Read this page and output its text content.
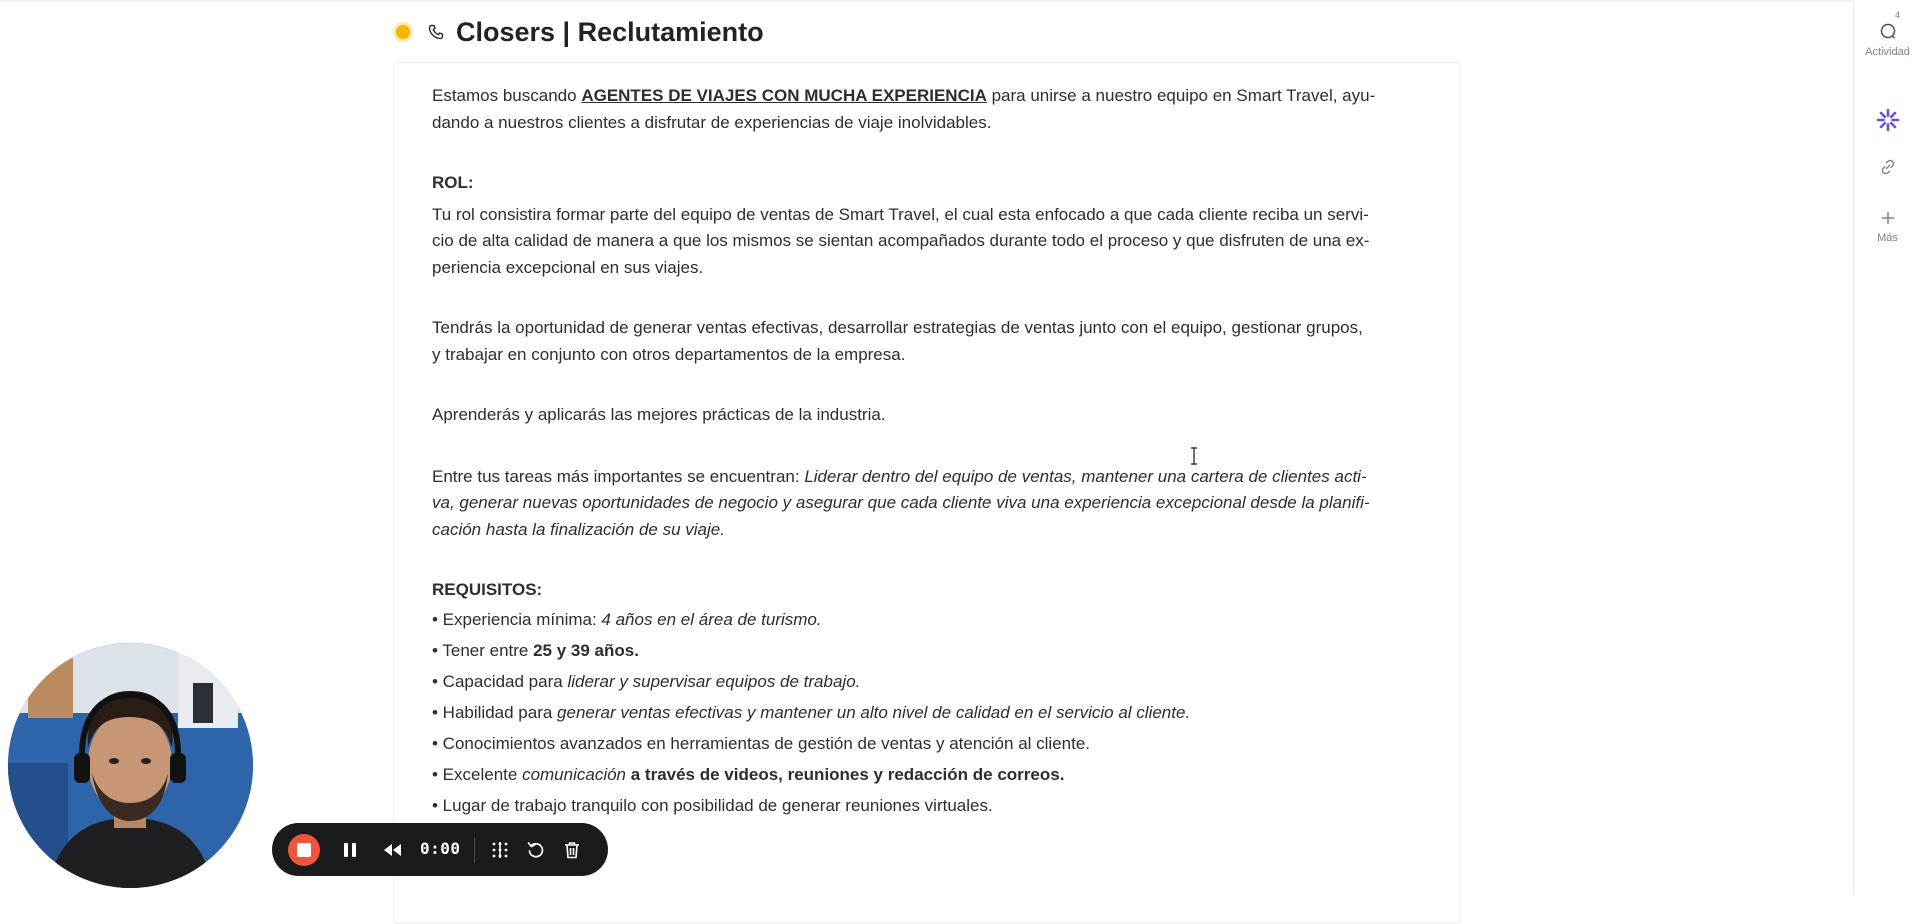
Closers | Reclutamiento

Estamos buscando AGENTES DE VIAJES CON MUCHA EXPERIENCIA para unirse a nuestro equipo en Smart Travel, ayu-

dando a nuestros clientes a disfrutar de experiencias de viaje inolvidables.

ROL:

Tu rol consistira formar parte del equipo de ventas de Smart Travel, el cual esta enfocado a que cada cliente reciba un servi-

cio de alta calidad de manera a que los mismos se sientan acompañados durante todo el proceso y que disfruten de una ex-

periencia excepcional en sus viajes.

Tendrás la oportunidad de generar ventas efectivas, desarrollar estrategias de ventas junto con el equipo, gestionar grupos,

y trabajar en conjunto con otros departamentos de la empresa.

Aprenderás y aplicarás las mejores prácticas de la industria.

Entre tus tareas más importantes se encuentran: Liderar dentro del equipo de ventas, mantener una cartera de clientes acti-

va, generar nuevas oportunidades de negocio y asegurar que cada cliente viva una experiencia excepcional desde la planifi-

cación hasta la finalización de su viaje.

REQUISITOS:

• Experiencia mínima: 4 años en el área de turismo.

• Tener entre 25 y 39 años.

• Capacidad para liderar y supervisar equipos de trabajo.

• Habilidad para generar ventas efectivas y mantener un alto nivel de calidad en el servicio al cliente.

• Conocimientos avanzados en herramientas de gestión de ventas y atención al cliente.

• Excelente comunicación a través de videos, reuniones y redacción de correos.

• Lugar de trabajo tranquilo con posibilidad de generar reuniones virtuales.

Actividad
4
Más
0:00
